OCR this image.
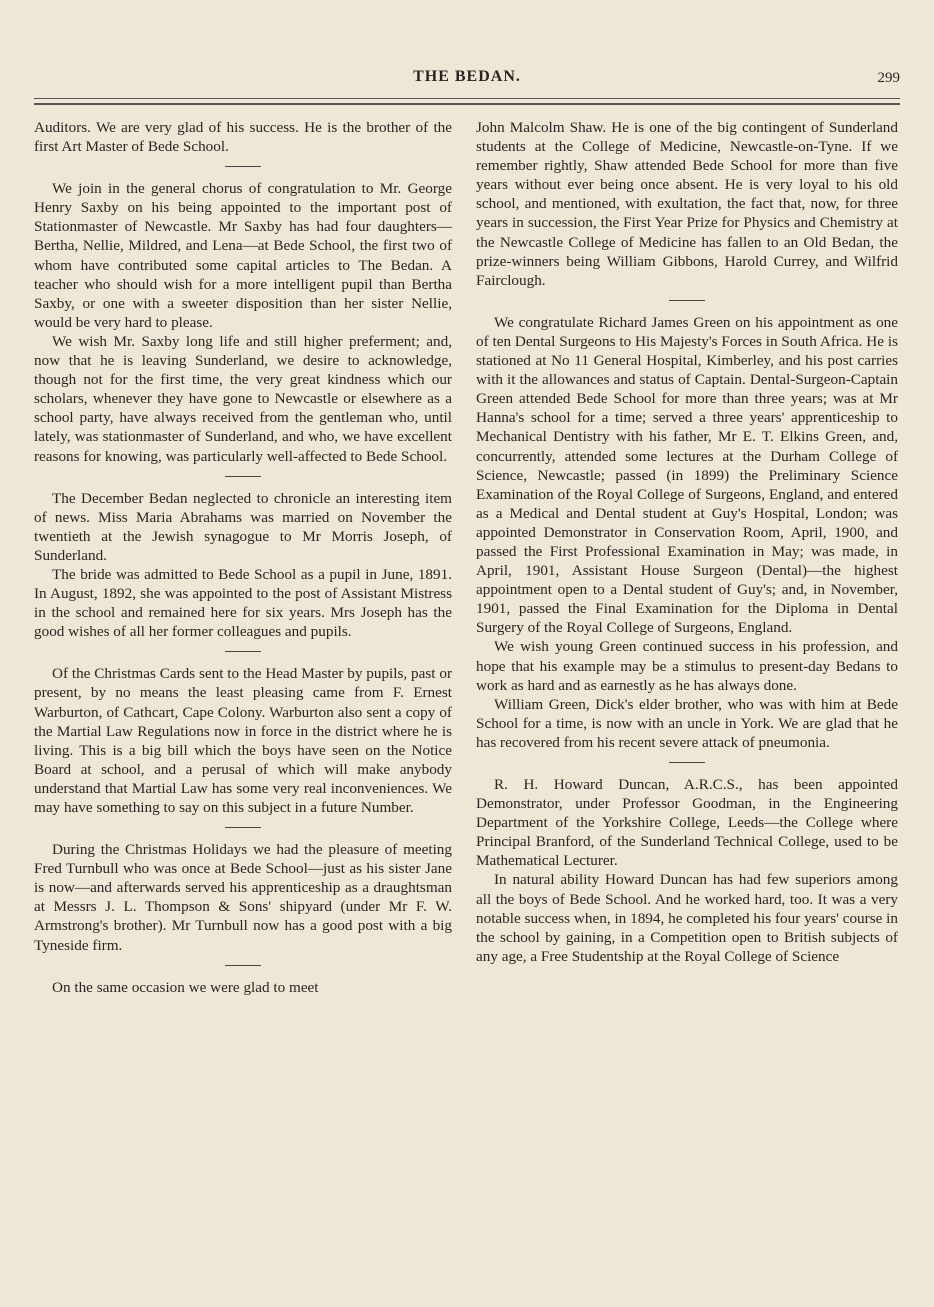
THE BEDAN.	299

Auditors. We are very glad of his success. He is the brother of the first Art Master of Bede School.

We join in the general chorus of congratulation to Mr. George Henry Saxby on his being appointed to the important post of Stationmaster of Newcastle. Mr Saxby has had four daughters—Bertha, Nellie, Mildred, and Lena—at Bede School, the first two of whom have contributed some capital articles to The Bedan. A teacher who should wish for a more intelligent pupil than Bertha Saxby, or one with a sweeter disposition than her sister Nellie, would be very hard to please.

We wish Mr. Saxby long life and still higher preferment; and, now that he is leaving Sunderland, we desire to acknowledge, though not for the first time, the very great kindness which our scholars, whenever they have gone to Newcastle or elsewhere as a school party, have always received from the gentleman who, until lately, was stationmaster of Sunderland, and who, we have excellent reasons for knowing, was particularly well-affected to Bede School.

The December Bedan neglected to chronicle an interesting item of news. Miss Maria Abrahams was married on November the twentieth at the Jewish synagogue to Mr Morris Joseph, of Sunderland.

The bride was admitted to Bede School as a pupil in June, 1891. In August, 1892, she was appointed to the post of Assistant Mistress in the school and remained here for six years. Mrs Joseph has the good wishes of all her former colleagues and pupils.

Of the Christmas Cards sent to the Head Master by pupils, past or present, by no means the least pleasing came from F. Ernest Warburton, of Cathcart, Cape Colony. Warburton also sent a copy of the Martial Law Regulations now in force in the district where he is living. This is a big bill which the boys have seen on the Notice Board at school, and a perusal of which will make anybody understand that Martial Law has some very real inconveniences. We may have something to say on this subject in a future Number.

During the Christmas Holidays we had the pleasure of meeting Fred Turnbull who was once at Bede School—just as his sister Jane is now—and afterwards served his apprenticeship as a draughtsman at Messrs J. L. Thompson & Sons' shipyard (under Mr F. W. Armstrong's brother). Mr Turnbull now has a good post with a big Tyneside firm.

On the same occasion we were glad to meet

John Malcolm Shaw. He is one of the big contingent of Sunderland students at the College of Medicine, Newcastle-on-Tyne. If we remember rightly, Shaw attended Bede School for more than five years without ever being once absent. He is very loyal to his old school, and mentioned, with exultation, the fact that, now, for three years in succession, the First Year Prize for Physics and Chemistry at the Newcastle College of Medicine has fallen to an Old Bedan, the prize-winners being William Gibbons, Harold Currey, and Wilfrid Fairclough.

We congratulate Richard James Green on his appointment as one of ten Dental Surgeons to His Majesty's Forces in South Africa. He is stationed at No 11 General Hospital, Kimberley, and his post carries with it the allowances and status of Captain. Dental-Surgeon-Captain Green attended Bede School for more than three years; was at Mr Hanna's school for a time; served a three years' apprenticeship to Mechanical Dentistry with his father, Mr E. T. Elkins Green, and, concurrently, attended some lectures at the Durham College of Science, Newcastle; passed (in 1899) the Preliminary Science Examination of the Royal College of Surgeons, England, and entered as a Medical and Dental student at Guy's Hospital, London; was appointed Demonstrator in Conservation Room, April, 1900, and passed the First Professional Examination in May; was made, in April, 1901, Assistant House Surgeon (Dental)—the highest appointment open to a Dental student of Guy's; and, in November, 1901, passed the Final Examination for the Diploma in Dental Surgery of the Royal College of Surgeons, England.

We wish young Green continued success in his profession, and hope that his example may be a stimulus to present-day Bedans to work as hard and as earnestly as he has always done.

William Green, Dick's elder brother, who was with him at Bede School for a time, is now with an uncle in York. We are glad that he has recovered from his recent severe attack of pneumonia.

R. H. Howard Duncan, A.R.C.S., has been appointed Demonstrator, under Professor Goodman, in the Engineering Department of the Yorkshire College, Leeds—the College where Principal Branford, of the Sunderland Technical College, used to be Mathematical Lecturer.

In natural ability Howard Duncan has had few superiors among all the boys of Bede School. And he worked hard, too. It was a very notable success when, in 1894, he completed his four years' course in the school by gaining, in a Competition open to British subjects of any age, a Free Studentship at the Royal College of Science
